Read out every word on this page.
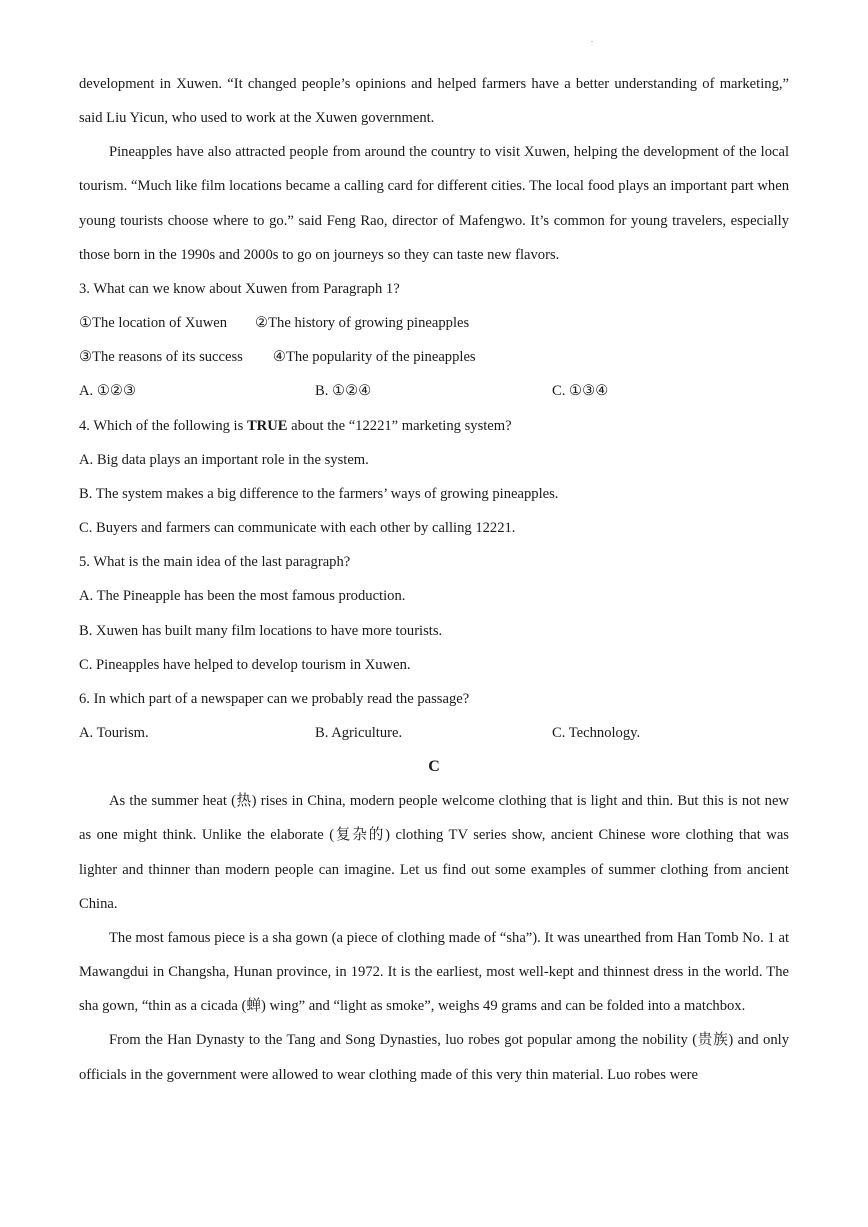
.

development in Xuwen. “It changed people’s opinions and helped farmers have a better understanding of marketing,” said Liu Yicun, who used to work at the Xuwen government.

Pineapples have also attracted people from around the country to visit Xuwen, helping the development of the local tourism. “Much like film locations became a calling card for different cities. The local food plays an important part when young tourists choose where to go.” said Feng Rao, director of Mafengwo. It’s common for young travelers, especially those born in the 1990s and 2000s to go on journeys so they can taste new flavors.

3. What can we know about Xuwen from Paragraph 1?
①The location of Xuwen ②The history of growing pineapples
③The reasons of its success ④The popularity of the pineapples
A. ①②③	B. ①②④	C. ①③④
4. Which of the following is TRUE about the “12221” marketing system?
A. Big data plays an important role in the system.
B. The system makes a big difference to the farmers’ ways of growing pineapples.
C. Buyers and farmers can communicate with each other by calling 12221.
5. What is the main idea of the last paragraph?
A. The Pineapple has been the most famous production.
B. Xuwen has built many film locations to have more tourists.
C. Pineapples have helped to develop tourism in Xuwen.
6. In which part of a newspaper can we probably read the passage?
A. Tourism.	B. Agriculture.	C. Technology.
C

As the summer heat (热) rises in China, modern people welcome clothing that is light and thin. But this is not new as one might think. Unlike the elaborate (复杂的) clothing TV series show, ancient Chinese wore clothing that was lighter and thinner than modern people can imagine. Let us find out some examples of summer clothing from ancient China.

The most famous piece is a sha gown (a piece of clothing made of “sha”). It was unearthed from Han Tomb No. 1 at Mawangdui in Changsha, Hunan province, in 1972. It is the earliest, most well-kept and thinnest dress in the world. The sha gown, “thin as a cicada (蝉) wing” and “light as smoke”, weighs 49 grams and can be folded into a matchbox.

From the Han Dynasty to the Tang and Song Dynasties, luo robes got popular among the nobility (贵族) and only officials in the government were allowed to wear clothing made of this very thin material. Luo robes were
